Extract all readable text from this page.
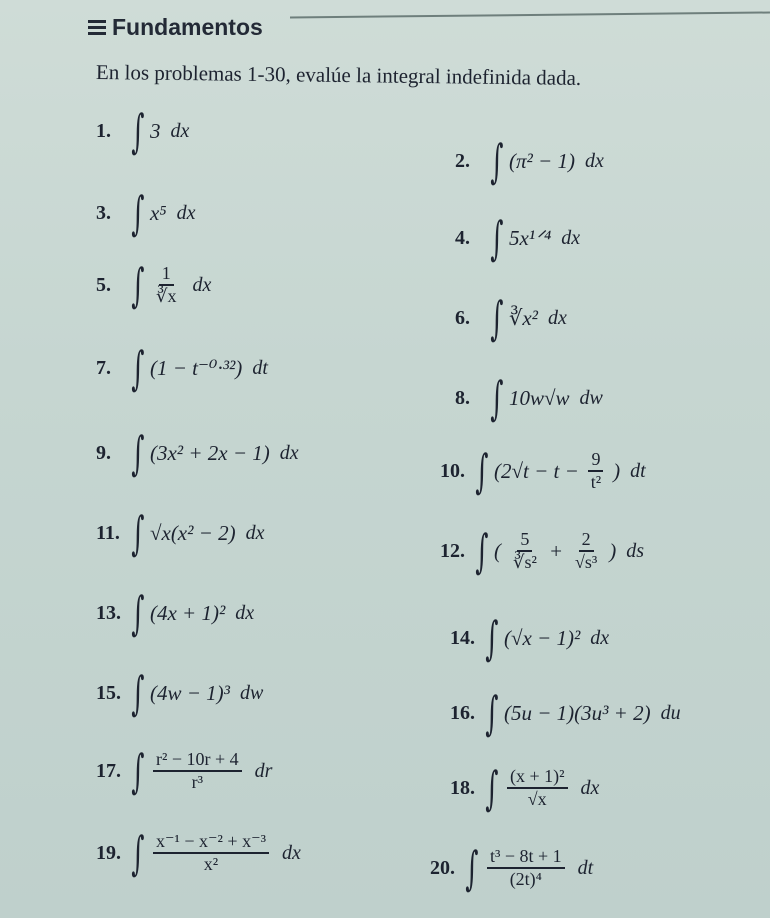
Fundamentos
En los problemas 1-30, evalúe la integral indefinida dada.
1. ∫ 3 dx
3. ∫ x⁵ dx
5. ∫ $\frac{1}{∛x}$ dx
7. ∫ (1 − t⁻⁰·³²) dt
9. ∫ (3x² + 2x − 1) dx
11. ∫ √x(x² − 2) dx
13. ∫ (4x + 1)² dx
15. ∫ (4w − 1)³ dw
17. ∫ $\frac{\text{r² − 10r + 4}}{\text{r³}}$ dr
19. ∫ $\frac{\text{x⁻¹ − x⁻² + x⁻³}}{\text{x²}}$ dx
2. ∫ (π² − 1) dx
4. ∫ 5x¹ᐟ⁴ dx
6. ∫ ∛x² dx
8. ∫ 10w√w dw
10. ∫ ($2√t - t - \frac{9}{\text{t²}}$ ) dt
12. ∫ ( $\frac{5}{\text{∛s²}} + \frac{2}{\text{√s³}}$ ) ds
14. ∫ (√x − 1)² dx
16. ∫ (5u − 1)(3u³ + 2) du
18. ∫ $\frac{\text{(x + 1)²}}{√x}$ dx
20. ∫ $\frac{\text{t³ − 8t + 1}}{\text{(2t)⁴}}$ dt
